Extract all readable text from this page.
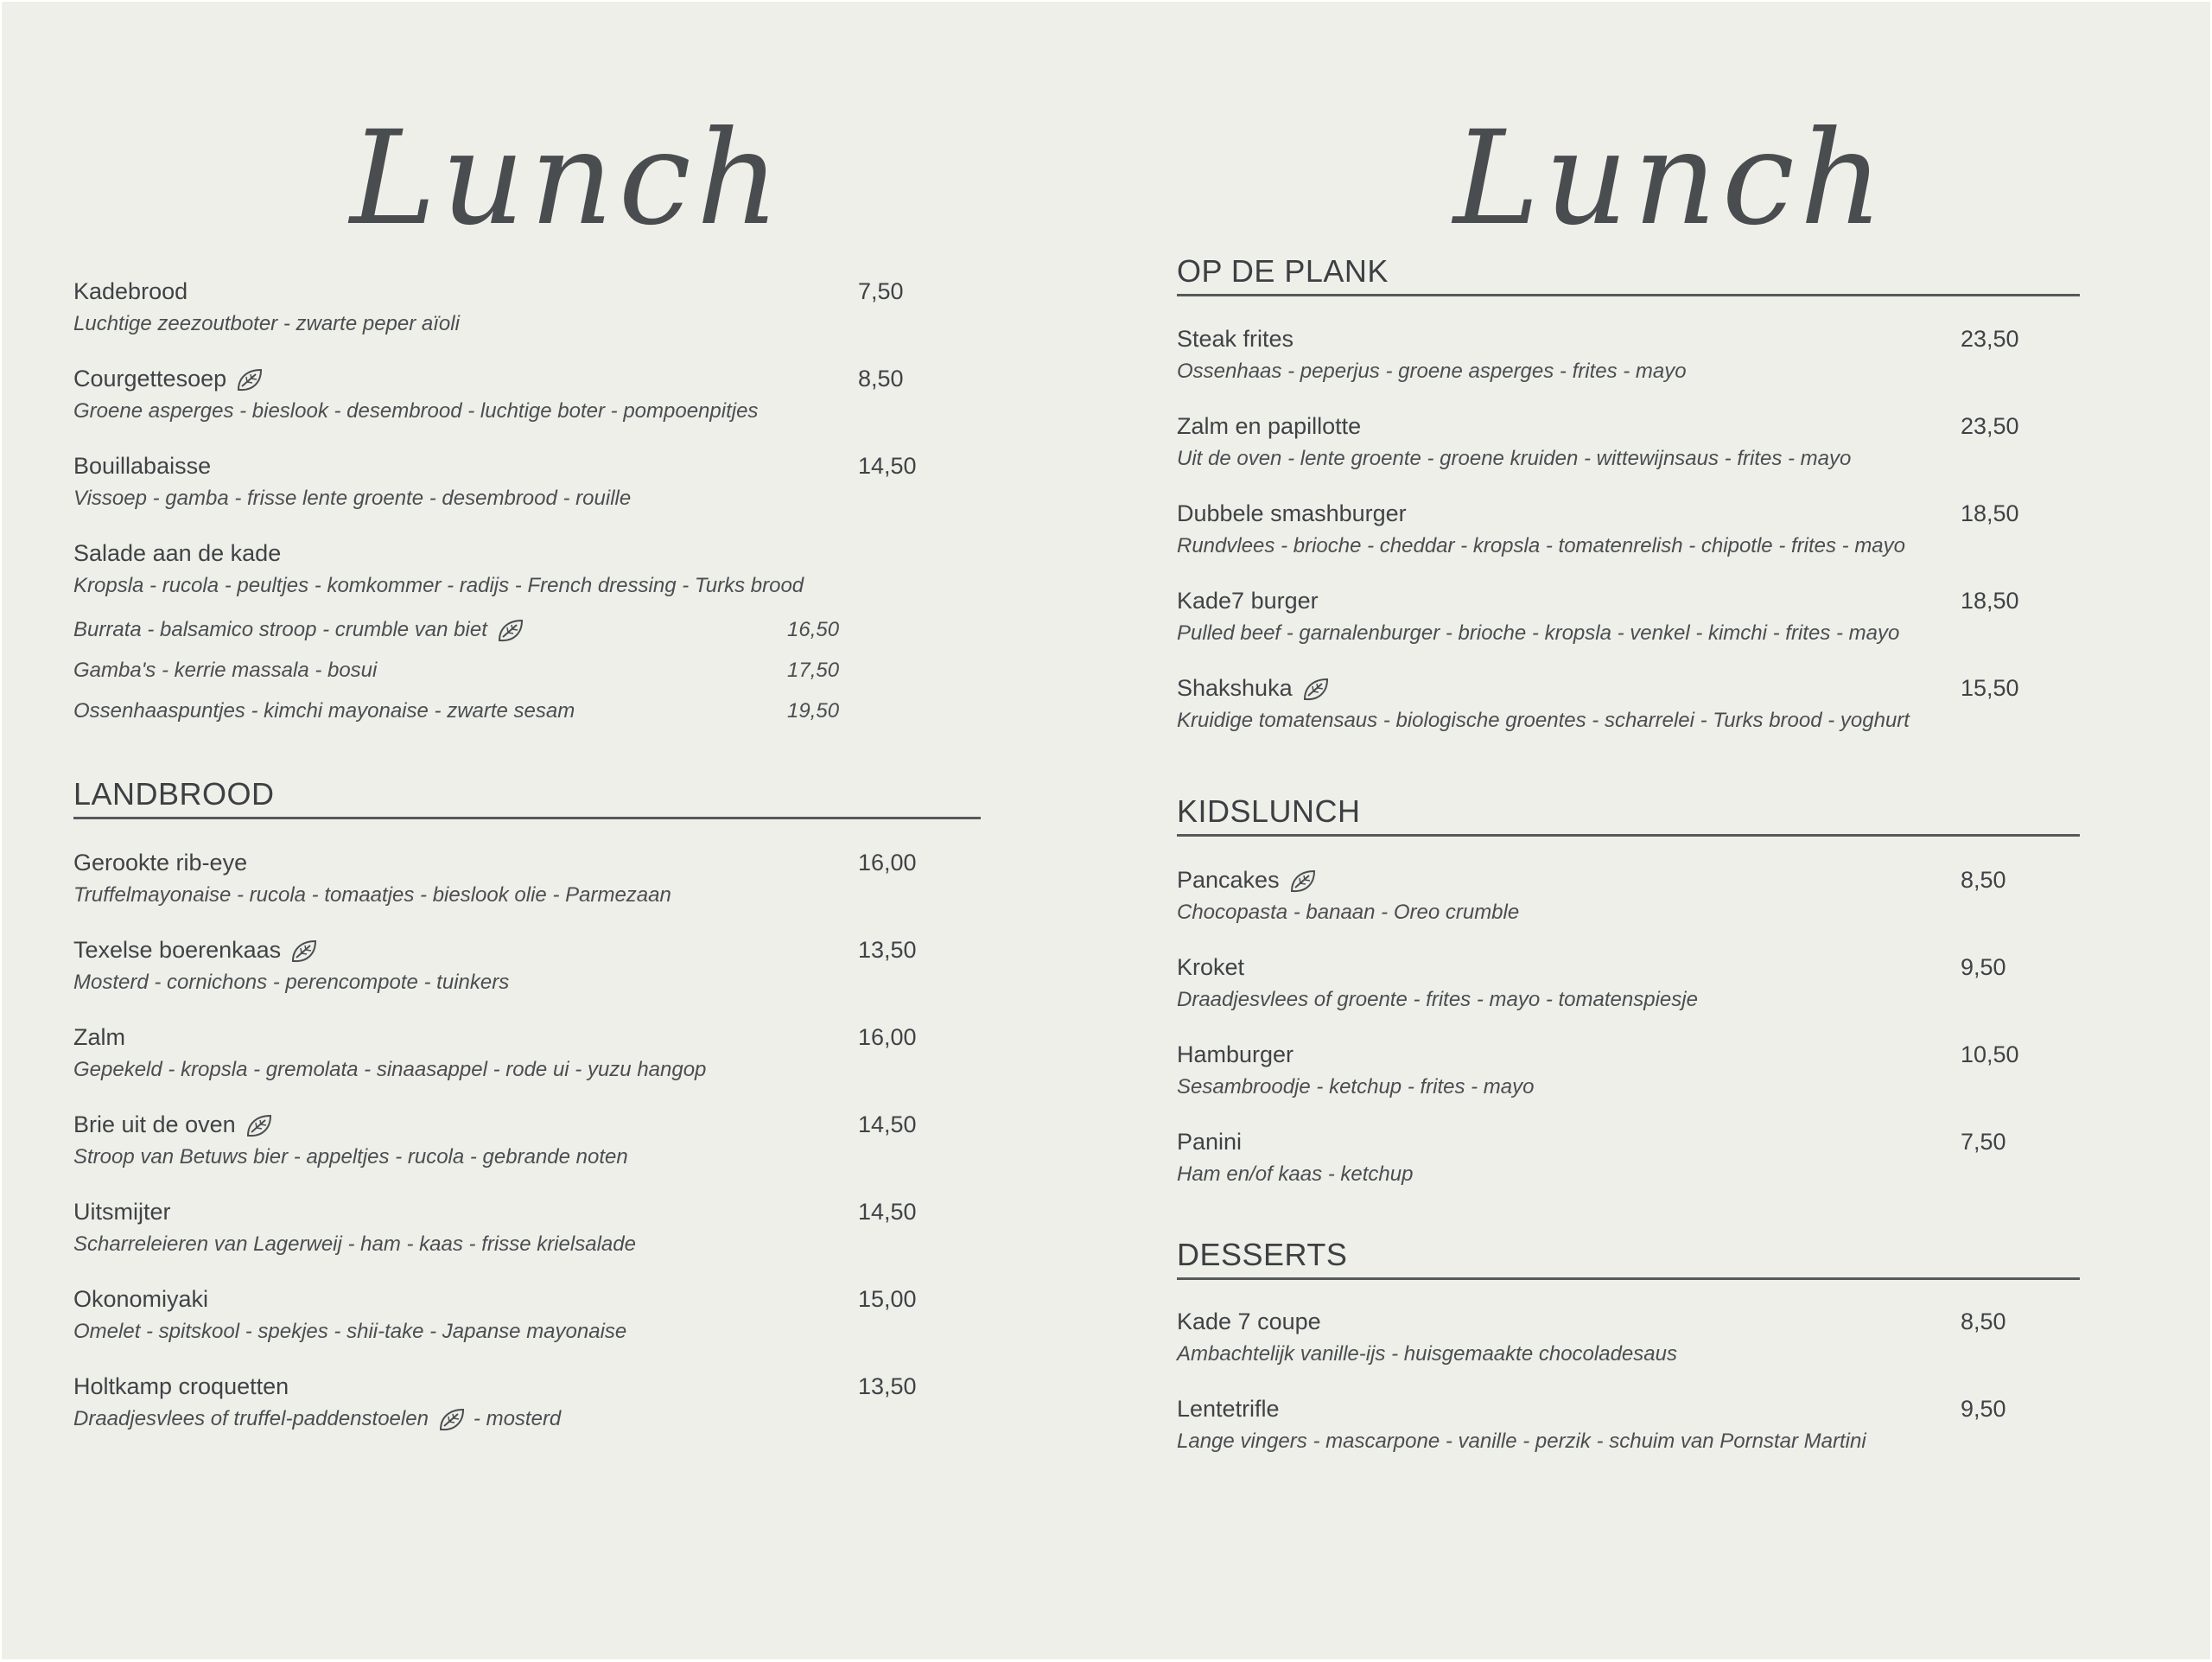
Lunch
Kadebrood	7,50
Luchtige zeezoutboter - zwarte peper aïoli
Courgettesoep	8,50
Groene asperges - bieslook - desembrood - luchtige boter - pompoenpitjes
Bouillabaisse	14,50
Vissoep - gamba - frisse lente groente - desembrood - rouille
Salade aan de kade
Kropsla - rucola - peultjes - komkommer - radijs - French dressing - Turks brood
Burrata - balsamico stroop - crumble van biet	16,50
Gamba's - kerrie massala - bosui	17,50
Ossenhaaspuntjes - kimchi mayonaise - zwarte sesam	19,50
LANDBROOD
Gerookte rib-eye	16,00
Truffelmayonaise - rucola - tomaatjes - bieslook olie - Parmezaan
Texelse boerenkaas	13,50
Mosterd - cornichons - perencompote - tuinkers
Zalm	16,00
Gepekeld - kropsla - gremolata - sinaasappel - rode ui - yuzu hangop
Brie uit de oven	14,50
Stroop van Betuws bier - appeltjes - rucola - gebrande noten
Uitsmijter	14,50
Scharreleieren van Lagerweij - ham - kaas - frisse krielsalade
Okonomiyaki	15,00
Omelet - spitskool - spekjes - shii-take - Japanse mayonaise
Holtkamp croquetten	13,50
Draadjesvlees of truffel-paddenstoelen - mosterd
Lunch
OP DE PLANK
Steak frites	23,50
Ossenhaas - peperjus - groene asperges - frites - mayo
Zalm en papillotte	23,50
Uit de oven - lente groente - groene kruiden - wittewijnsaus - frites - mayo
Dubbele smashburger	18,50
Rundvlees - brioche - cheddar - kropsla - tomatenrelish - chipotle - frites - mayo
Kade7 burger	18,50
Pulled beef - garnalenburger - brioche - kropsla - venkel - kimchi - frites - mayo
Shakshuka	15,50
Kruidige tomatensaus - biologische groentes - scharrelei - Turks brood - yoghurt
KIDSLUNCH
Pancakes	8,50
Chocopasta - banaan - Oreo crumble
Kroket	9,50
Draadjesvlees of groente - frites - mayo - tomatenspiesje
Hamburger	10,50
Sesambroodje - ketchup - frites - mayo
Panini	7,50
Ham en/of kaas - ketchup
DESSERTS
Kade 7 coupe	8,50
Ambachtelijk vanille-ijs - huisgemaakte chocoladesaus
Lentetrifle	9,50
Lange vingers - mascarpone - vanille - perzik - schuim van Pornstar Martini
